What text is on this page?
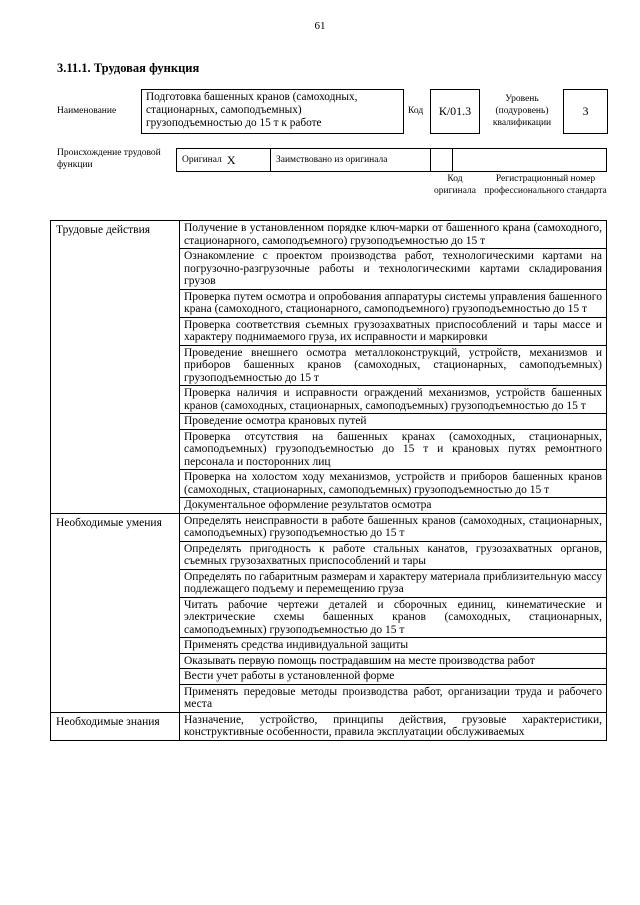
61
3.11.1. Трудовая функция
Наименование
Подготовка башенных кранов (самоходных, стационарных, самоподъемных) грузоподъемностью до 15 т к работе
Код	К/01.3
Уровень (подуровень) квалификации
3
Происхождение трудовой функции	Оригинал X	Заимствовано из оригинала
Код оригинала
Регистрационный номер профессионального стандарта
Трудовые действия	Получение в установленном порядке ключ-марки от башенного крана (самоходного, стационарного, самоподъемного) грузоподъемностью до 15 т
	Ознакомление с проектом производства работ, технологическими картами на погрузочно-разгрузочные работы и технологическими картами складирования грузов
	Проверка путем осмотра и опробования аппаратуры системы управления башенного крана (самоходного, стационарного, самоподъемного) грузоподъемностью до 15 т
	Проверка соответствия съемных грузозахватных приспособлений и тары массе и характеру поднимаемого груза, их исправности и маркировки
	Проведение внешнего осмотра металлоконструкций, устройств, механизмов и приборов башенных кранов (самоходных, стационарных, самоподъемных) грузоподъемностью до 15 т
	Проверка наличия и исправности ограждений механизмов, устройств башенных кранов (самоходных, стационарных, самоподъемных) грузоподъемностью до 15 т
	Проведение осмотра крановых путей
	Проверка отсутствия на башенных кранах (самоходных, стационарных, самоподъемных) грузоподъемностью до 15 т и крановых путях ремонтного персонала и посторонних лиц
	Проверка на холостом ходу механизмов, устройств и приборов башенных кранов (самоходных, стационарных, самоподъемных) грузоподъемностью до 15 т
	Документальное оформление результатов осмотра
Необходимые умения	Определять неисправности в работе башенных кранов (самоходных, стационарных, самоподъемных) грузоподъемностью до 15 т
	Определять пригодность к работе стальных канатов, грузозахватных органов, съемных грузозахватных приспособлений и тары
	Определять по габаритным размерам и характеру материала приблизительную массу подлежащего подъему и перемещению груза
	Читать рабочие чертежи деталей и сборочных единиц, кинематические и электрические схемы башенных кранов (самоходных, стационарных, самоподъемных) грузоподъемностью до 15 т
	Применять средства индивидуальной защиты
	Оказывать первую помощь пострадавшим на месте производства работ
	Вести учет работы в установленной форме
	Применять передовые методы производства работ, организации труда и рабочего места
Необходимые знания	Назначение, устройство, принципы действия, грузовые характеристики, конструктивные особенности, правила эксплуатации обслуживаемых
